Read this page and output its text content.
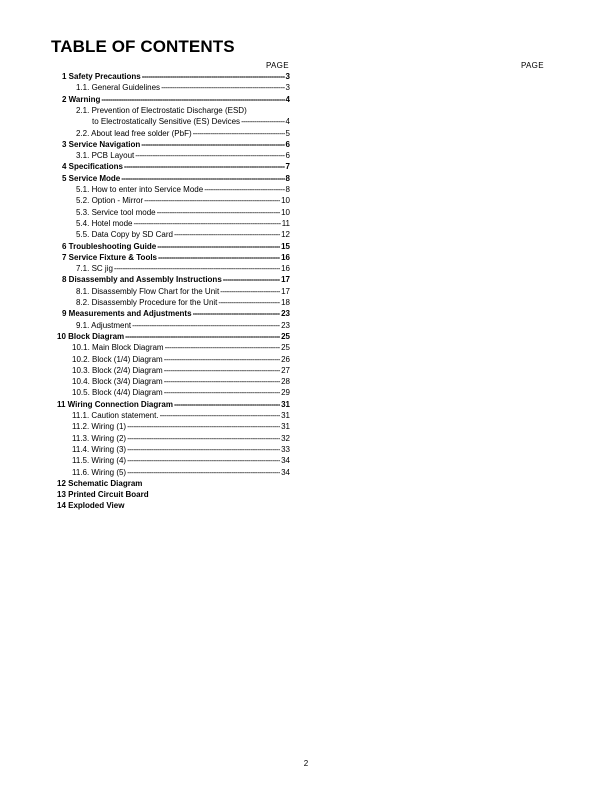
TABLE OF CONTENTS
PAGE	PAGE
1 Safety Precautions -----	3
1.1. General Guidelines -----	3
2 Warning -----	4
2.1. Prevention of Electrostatic Discharge (ESD)
to Electrostatically Sensitive (ES) Devices -----	4
2.2. About lead free solder (PbF) -----	5
3 Service Navigation -----	6
3.1. PCB Layout -----	6
4 Specifications -----	7
5 Service Mode -----	8
5.1. How to enter into Service Mode -----	8
5.2. Option - Mirror -----	10
5.3. Service tool mode -----	10
5.4. Hotel mode -----	11
5.5. Data Copy by SD Card -----	12
6 Troubleshooting Guide -----	15
7 Service Fixture & Tools -----	16
7.1. SC jig -----	16
8 Disassembly and Assembly Instructions -----	17
8.1. Disassembly Flow Chart for the Unit -----	17
8.2. Disassembly Procedure for the Unit -----	18
9 Measurements and Adjustments -----	23
9.1. Adjustment -----	23
10 Block Diagram -----	25
10.1. Main Block Diagram -----	25
10.2. Block (1/4) Diagram -----	26
10.3. Block (2/4) Diagram -----	27
10.4. Block (3/4) Diagram -----	28
10.5. Block (4/4) Diagram -----	29
11 Wiring Connection Diagram -----	31
11.1. Caution statement. -----	31
11.2. Wiring (1) -----	31
11.3. Wiring (2) -----	32
11.4. Wiring (3) -----	33
11.5. Wiring (4) -----	34
11.6. Wiring (5) -----	34
12 Schematic Diagram
13 Printed Circuit Board
14 Exploded View
2
